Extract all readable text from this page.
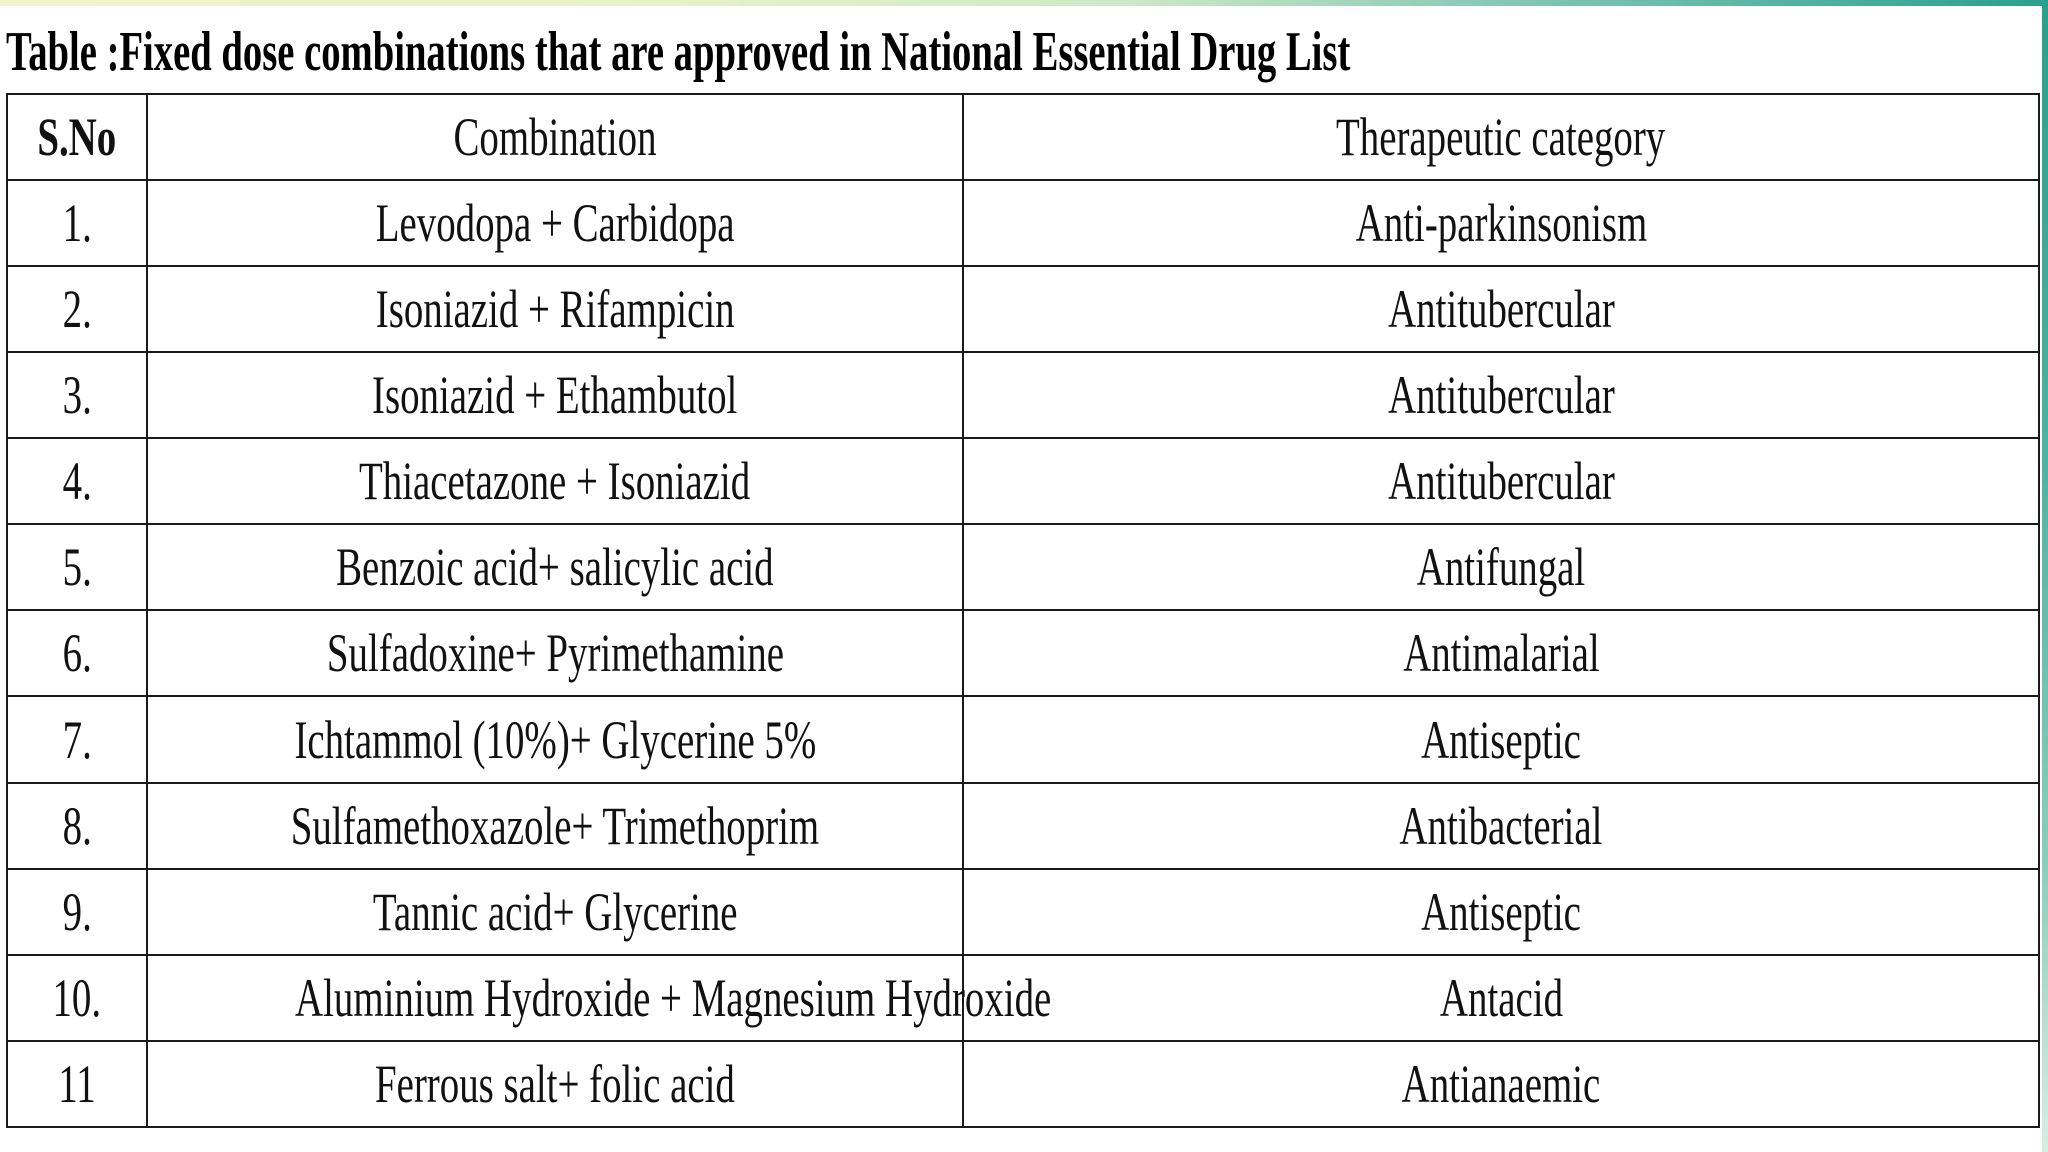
Table :Fixed dose combinations that are approved in National Essential Drug List
S.No	Combination	Therapeutic category
1.	Levodopa + Carbidopa	Anti-parkinsonism
2.	Isoniazid + Rifampicin	Antitubercular
3.	Isoniazid + Ethambutol	Antitubercular
4.	Thiacetazone + Isoniazid	Antitubercular
5.	Benzoic acid+ salicylic acid	Antifungal
6.	Sulfadoxine+ Pyrimethamine	Antimalarial
7.	Ichtammol (10%)+ Glycerine 5%	Antiseptic
8.	Sulfamethoxazole+ Trimethoprim	Antibacterial
9.	Tannic acid+ Glycerine	Antiseptic
10.	Aluminium Hydroxide + Magnesium Hydroxide	Antacid
11	Ferrous salt+ folic acid	Antianaemic
